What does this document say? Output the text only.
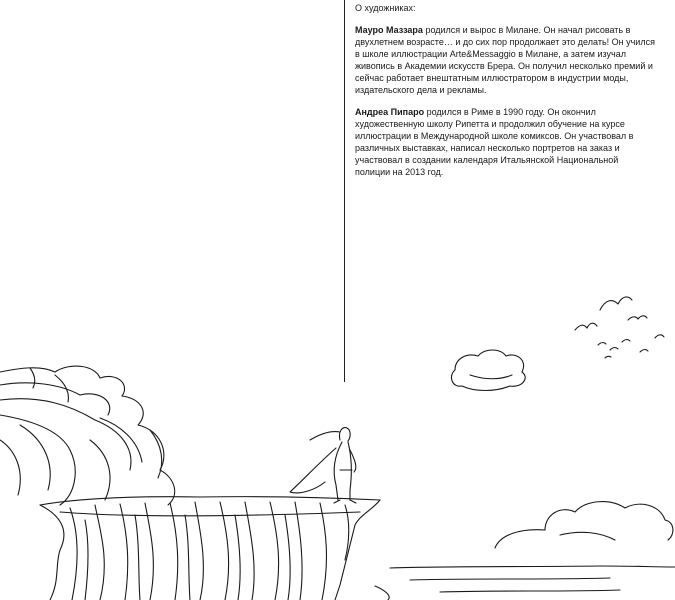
О художниках:

Мауро Маззара родился и вырос в Милане. Он начал рисовать в двухлетнем возрасте… и до сих пор продолжает это делать! Он учился в школе иллюстрации Arte&Messaggio в Милане, а затем изучал живопись в Академии искусств Брера. Он получил несколько премий и сейчас работает внештатным иллюстратором в индустрии моды, издательского дела и рекламы.

Андреа Пипаро родился в Риме в 1990 году. Он окончил художественную школу Рипетта и продолжил обучение на курсе иллюстрации в Международной школе комиксов. Он участвовал в различных выставках, написал несколько портретов на заказ и участвовал в создании календаря Итальянской Национальной полиции на 2013 год.
